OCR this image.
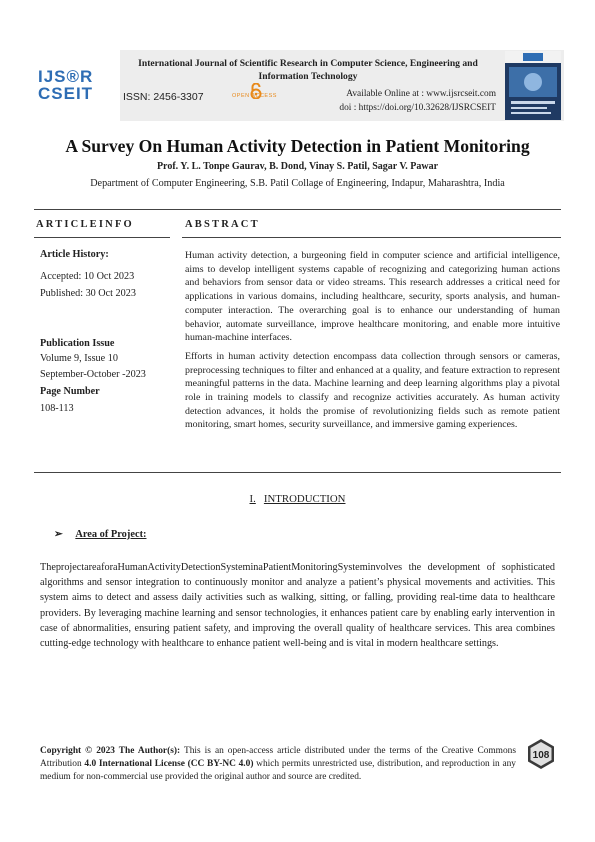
IJS®R
CSEIT
International Journal of Scientific Research in Computer Science, Engineering and Information Technology
ISSN: 2456-3307	OPEN ACCESS	Available Online at : www.ijsrcseit.com
doi : https://doi.org/10.32628/IJSRCSEIT
A Survey On Human Activity Detection in Patient Monitoring
Prof. Y. L. Tonpe Gaurav, B. Dond, Vinay S. Patil, Sagar V. Pawar
Department of Computer Engineering, S.B. Patil Collage of Engineering, Indapur, Maharashtra, India
ARTICLEINFO
Article History:
Accepted: 10 Oct 2023
Published: 30 Oct 2023
Publication Issue
Volume 9, Issue 10
September-October -2023
Page Number
108-113
ABSTRACT

Human activity detection, a burgeoning field in computer science and artificial intelligence, aims to develop intelligent systems capable of recognizing and categorizing human actions and behaviors from sensor data or video streams. This research addresses a critical need for applications in various domains, including healthcare, security, sports analysis, and human-computer interaction. The overarching goal is to enhance our understanding of human behavior, automate surveillance, improve healthcare monitoring, and enable more intuitive human-machine interfaces.

Efforts in human activity detection encompass data collection through sensors or cameras, preprocessing techniques to filter and enhanced at a quality, and feature extraction to represent meaningful patterns in the data. Machine learning and deep learning algorithms play a pivotal role in training models to classify and recognize activities accurately. As human activity detection advances, it holds the promise of revolutionizing fields such as remote patient monitoring, smart homes, security surveillance, and immersive gaming experiences.

I. INTRODUCTION
➢ Area of Project:
TheprojectareaforaHumanActivityDetectionSysteminaPatientMonitoringSysteminvolves the development of sophisticated algorithms and sensor integration to continuously monitor and analyze a patient’s physical movements and activities. This system aims to detect and assess daily activities such as walking, sitting, or falling, providing real-time data to healthcare providers. By leveraging machine learning and sensor technologies, it enhances patient care by enabling early intervention in case of abnormalities, ensuring patient safety, and improving the overall quality of healthcare services. This area combines cutting-edge technology with healthcare to enhance patient well-being and is vital in modern healthcare settings.
Copyright © 2023 The Author(s): This is an open-access article distributed under the terms of the Creative Commons Attribution 4.0 International License (CC BY-NC 4.0) which permits unrestricted use, distribution, and reproduction in any medium for non-commercial use provided the original author and source are credited.
108
